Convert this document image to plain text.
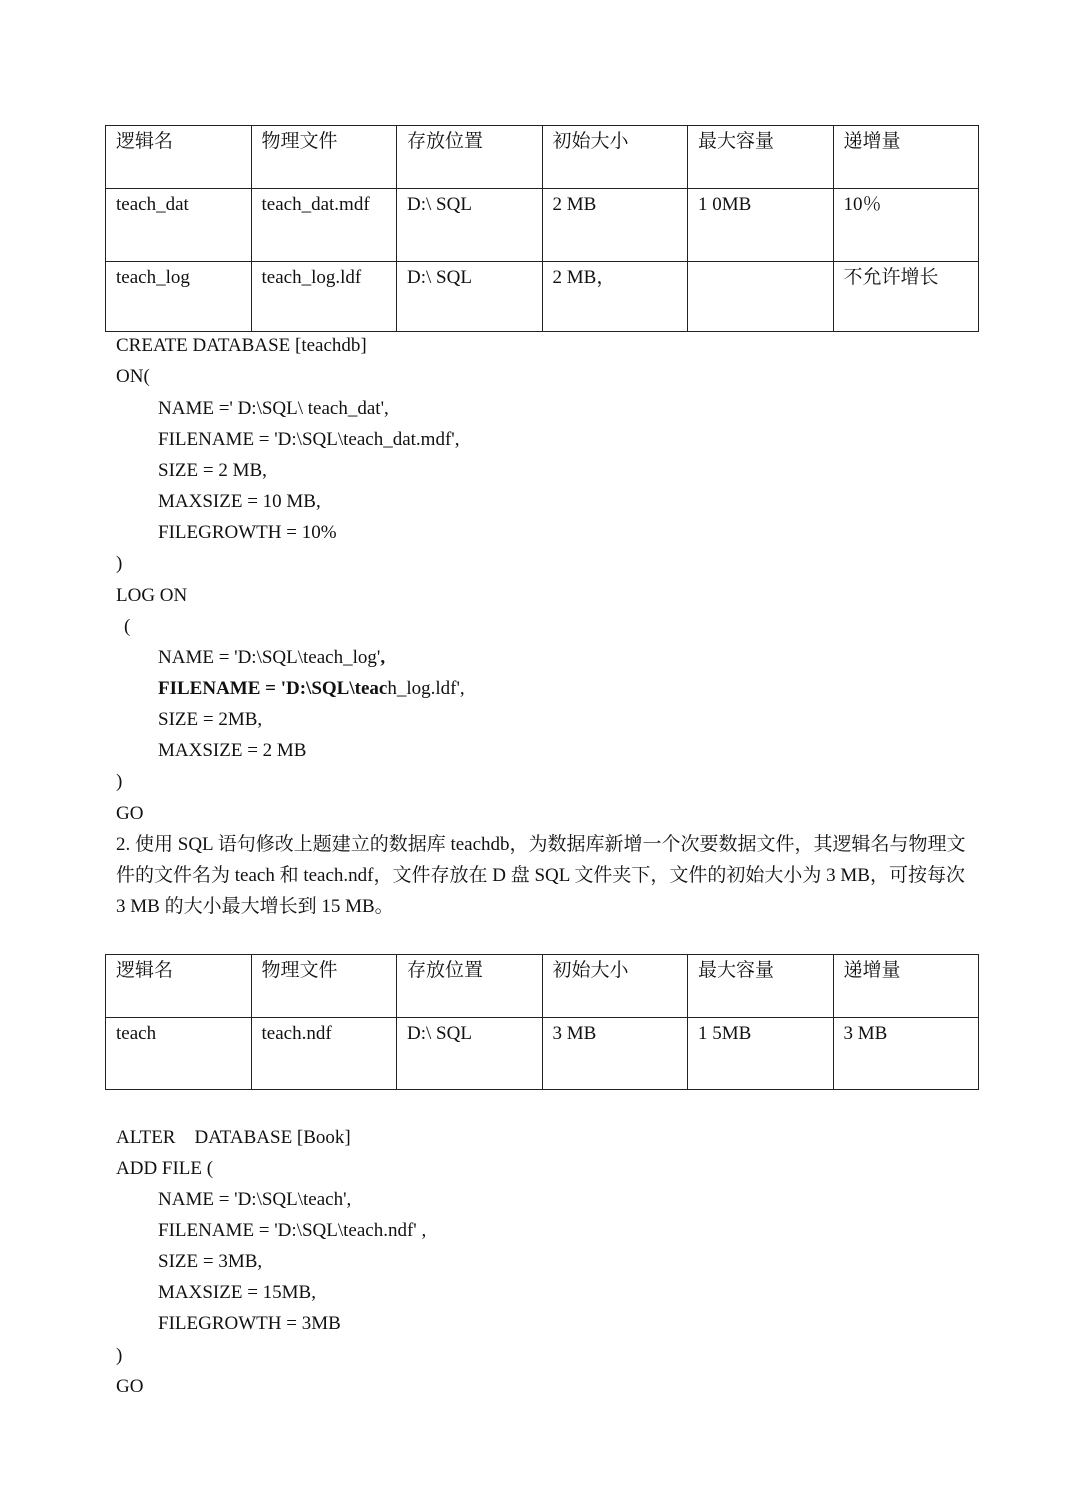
逻辑名	物理文件	存放位置	初始大小	最大容量	递增量
teach_dat	teach_dat.mdf	D:\ SQL	2 MB	1 0MB	10％
teach_log	teach_log.ldf	D:\ SQL	2 MB，		不允许增长
CREATE DATABASE [teachdb]
ON(
NAME =' D:\SQL\ teach_dat',
FILENAME = 'D:\SQL\teach_dat.mdf',
SIZE = 2 MB,
MAXSIZE = 10 MB,
FILEGROWTH = 10%
)
LOG ON
(
NAME = 'D:\SQL\teach_log',
FILENAME = 'D:\SQL\teach_log.ldf',
SIZE = 2MB,
MAXSIZE = 2 MB
)
GO
2. 使用 SQL 语句修改上题建立的数据库 teachdb，为数据库新增一个次要数据文件，其逻辑名与物理文件的文件名为 teach 和 teach.ndf，文件存放在 D 盘 SQL 文件夹下，文件的初始大小为 3 MB，可按每次 3 MB 的大小最大增长到 15 MB。
逻辑名	物理文件	存放位置	初始大小	最大容量	递增量
teach	teach.ndf	D:\ SQL	3 MB	1 5MB	3 MB
ALTER    DATABASE [Book]
ADD FILE (
NAME = 'D:\SQL\teach',
FILENAME = 'D:\SQL\teach.ndf' ,
SIZE = 3MB,
MAXSIZE = 15MB,
FILEGROWTH = 3MB
)
GO
